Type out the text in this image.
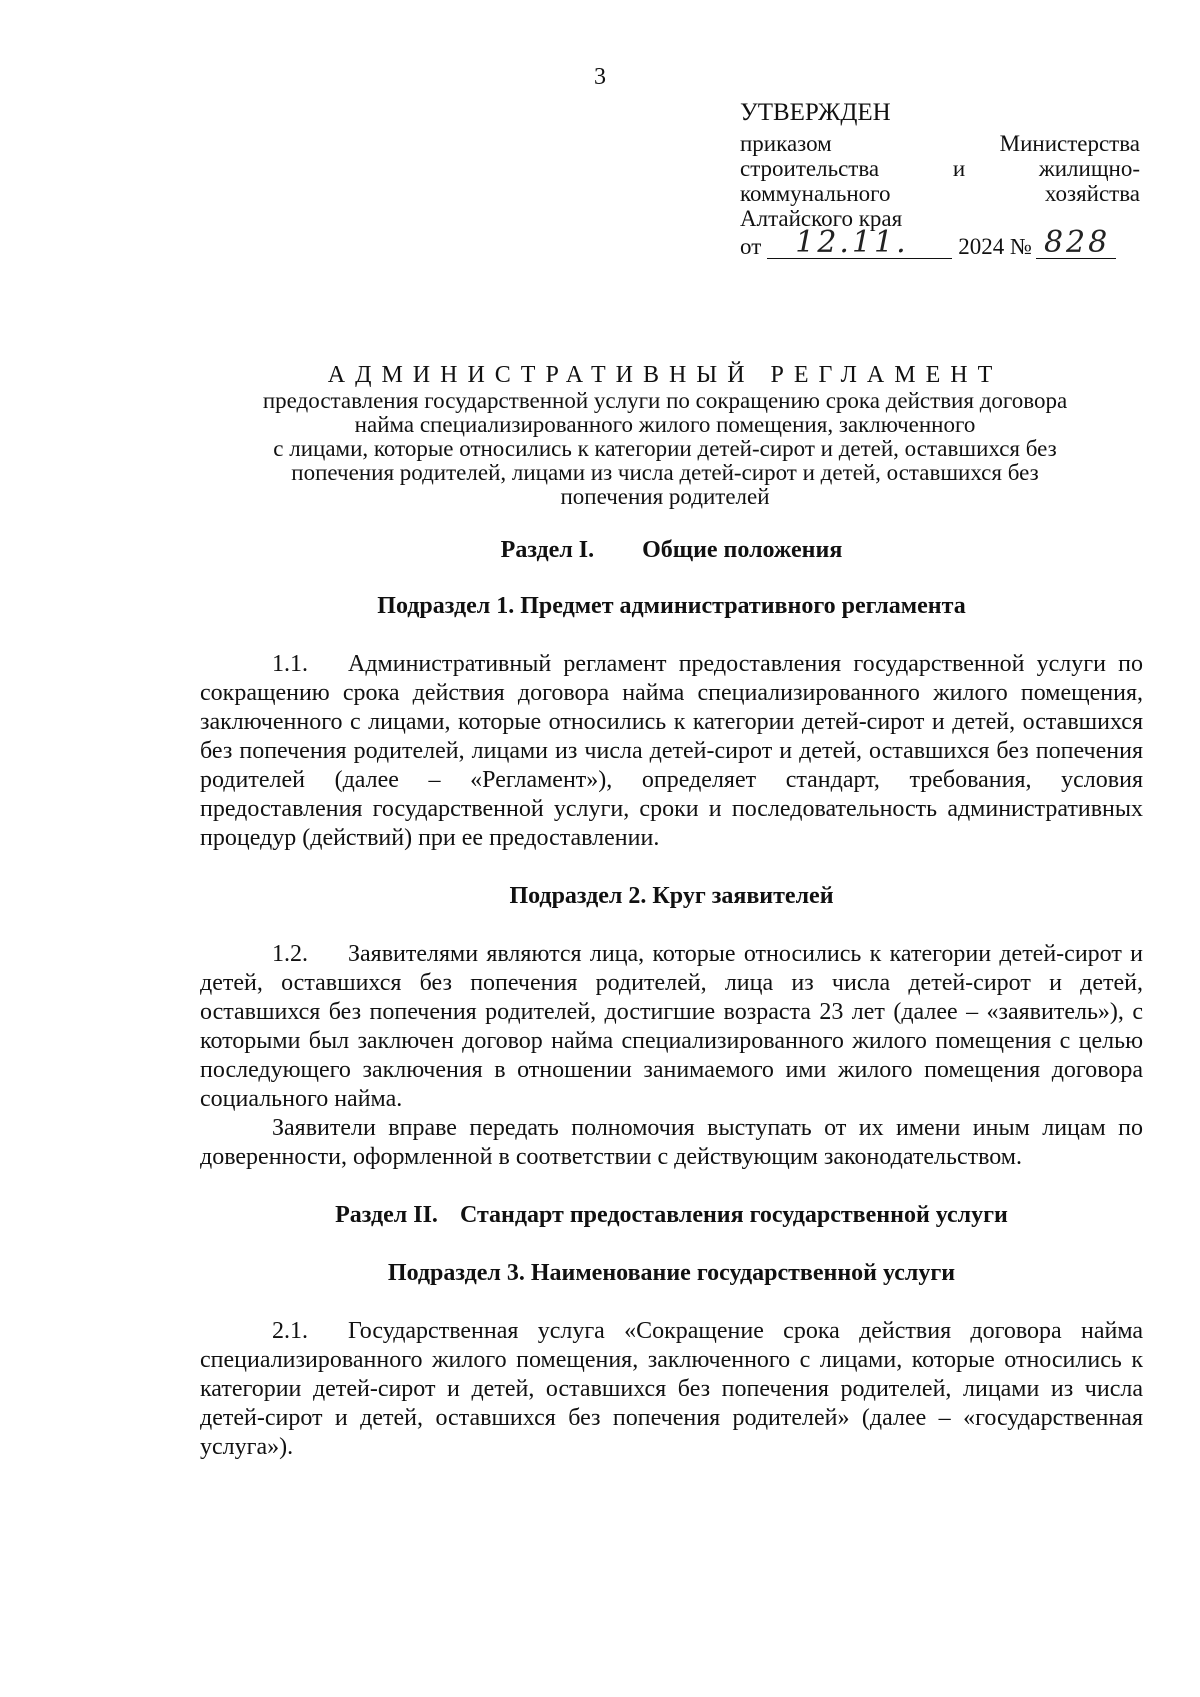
3
УТВЕРЖДЕН
приказом	Министерства
строительства	и	жилищно-
коммунального	хозяйства
Алтайского края
от 12.11. 2024 № 828
АДМИНИСТРАТИВНЫЙ РЕГЛАМЕНТ
предоставления государственной услуги по сокращению срока действия договора
найма специализированного жилого помещения, заключенного
с лицами, которые относились к категории детей-сирот и детей, оставшихся без
попечения родителей, лицами из числа детей-сирот и детей, оставшихся без
попечения родителей
Раздел I. Общие положения
Подраздел 1. Предмет административного регламента

1.1. Административный регламент предоставления государственной услуги по сокращению срока действия договора найма специализированного жилого помещения, заключенного с лицами, которые относились к категории детей-сирот и детей, оставшихся без попечения родителей, лицами из числа детей-сирот и детей, оставшихся без попечения родителей (далее – «Регламент»), определяет стандарт, требования, условия предоставления государственной услуги, сроки и последовательность административных процедур (действий) при ее предоставлении.

Подраздел 2. Круг заявителей

1.2. Заявителями являются лица, которые относились к категории детей-сирот и детей, оставшихся без попечения родителей, лица из числа детей-сирот и детей, оставшихся без попечения родителей, достигшие возраста 23 лет (далее – «заявитель»), с которыми был заключен договор найма специализированного жилого помещения с целью последующего заключения в отношении занимаемого ими жилого помещения договора социального найма.

Заявители вправе передать полномочия выступать от их имени иным лицам по доверенности, оформленной в соответствии с действующим законодательством.

Раздел II. Стандарт предоставления государственной услуги
Подраздел 3. Наименование государственной услуги

2.1. Государственная услуга «Сокращение срока действия договора найма специализированного жилого помещения, заключенного с лицами, которые относились к категории детей-сирот и детей, оставшихся без попечения родителей, лицами из числа детей-сирот и детей, оставшихся без попечения родителей» (далее – «государственная услуга»).
